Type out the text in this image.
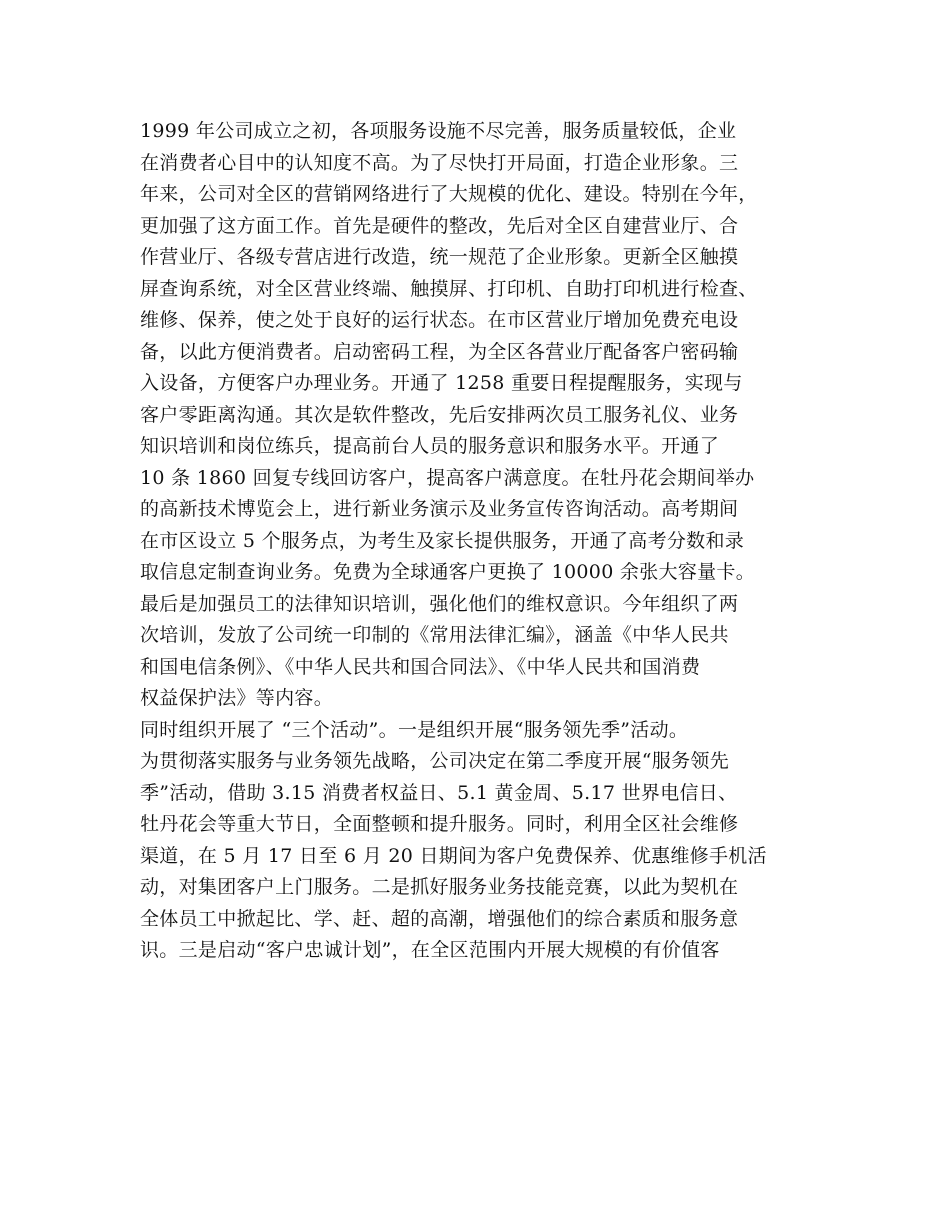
1999 年公司成立之初，各项服务设施不尽完善，服务质量较低，企业
在消费者心目中的认知度不高。为了尽快打开局面，打造企业形象。三
年来，公司对全区的营销网络进行了大规模的优化、建设。特别在今年，
更加强了这方面工作。首先是硬件的整改，先后对全区自建营业厅、合
作营业厅、各级专营店进行改造，统一规范了企业形象。更新全区触摸
屏查询系统，对全区营业终端、触摸屏、打印机、自助打印机进行检查、
维修、保养，使之处于良好的运行状态。在市区营业厅增加免费充电设
备，以此方便消费者。启动密码工程，为全区各营业厅配备客户密码输
入设备，方便客户办理业务。开通了 1258 重要日程提醒服务，实现与
客户零距离沟通。其次是软件整改，先后安排两次员工服务礼仪、业务
知识培训和岗位练兵，提高前台人员的服务意识和服务水平。开通了
10 条 1860 回复专线回访客户，提高客户满意度。在牡丹花会期间举办
的高新技术博览会上，进行新业务演示及业务宣传咨询活动。高考期间
在市区设立 5 个服务点，为考生及家长提供服务，开通了高考分数和录
取信息定制查询业务。免费为全球通客户更换了 10000 余张大容量卡。
最后是加强员工的法律知识培训，强化他们的维权意识。今年组织了两
次培训，发放了公司统一印制的《常用法律汇编》，涵盖《中华人民共
和国电信条例》、《中华人民共和国合同法》、《中华人民共和国消费
权益保护法》等内容。
同时组织开展了 “三个活动”。一是组织开展“服务领先季”活动。
为贯彻落实服务与业务领先战略，公司决定在第二季度开展“服务领先
季”活动，借助 3.15 消费者权益日、5.1 黄金周、5.17 世界电信日、
牡丹花会等重大节日，全面整顿和提升服务。同时，利用全区社会维修
渠道，在 5 月 17 日至 6 月 20 日期间为客户免费保养、优惠维修手机活
动，对集团客户上门服务。二是抓好服务业务技能竞赛，以此为契机在
全体员工中掀起比、学、赶、超的高潮，增强他们的综合素质和服务意
识。三是启动“客户忠诚计划”，在全区范围内开展大规模的有价值客
